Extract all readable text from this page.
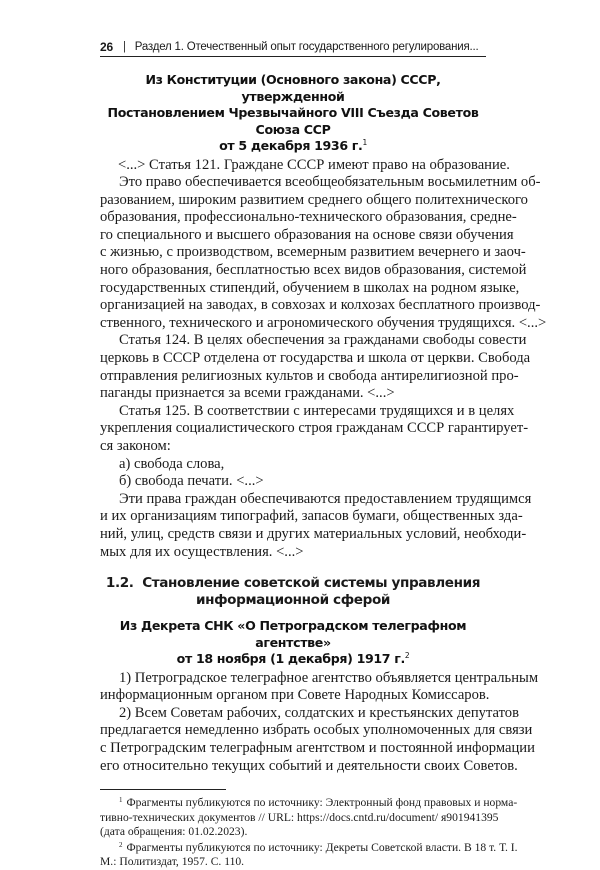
26 | Раздел 1. Отечественный опыт государственного регулирования...
Из Конституции (Основного закона) СССР, утвержденной
Постановлением Чрезвычайного VIII Съезда Советов Союза ССР
от 5 декабря 1936 г.$^1$
<...> Статья 121. Граждане СССР имеют право на образование.
Это право обеспечивается всеобщеобязательным восьмилетним об-
разованием, широким развитием среднего общего политехнического
образования, профессионально-технического образования, средне-
го специального и высшего образования на основе связи обучения
с жизнью, с производством, всемерным развитием вечернего и заоч-
ного образования, бесплатностью всех видов образования, системой
государственных стипендий, обучением в школах на родном языке,
организацией на заводах, в совхозах и колхозах бесплатного производ-
ственного, технического и агрономического обучения трудящихся. <...>
Статья 124. В целях обеспечения за гражданами свободы совести
церковь в СССР отделена от государства и школа от церкви. Свобода
отправления религиозных культов и свобода антирелигиозной про-
паганды признается за всеми гражданами. <...>
Статья 125. В соответствии с интересами трудящихся и в целях
укрепления социалистического строя гражданам СССР гарантирует-
ся законом:
а) свобода слова,
б) свобода печати. <...>
Эти права граждан обеспечиваются предоставлением трудящимся
и их организациям типографий, запасов бумаги, общественных зда-
ний, улиц, средств связи и других материальных условий, необходи-
мых для их осуществления. <...>
1.2.  Становление советской системы управления
информационной сферой
Из Декрета СНК «О Петроградском телеграфном агентстве»
от 18 ноября (1 декабря) 1917 г.$^2$
1) Петроградское телеграфное агентство объявляется центральным
информационным органом при Совете Народных Комиссаров.
2) Всем Советам рабочих, солдатских и крестьянских депутатов
предлагается немедленно избрать особых уполномоченных для связи
с Петроградским телеграфным агентством и постоянной информации
его относительно текущих событий и деятельности своих Советов.
$^1$ Фрагменты публикуются по источнику: Электронный фонд правовых и норма-
тивно-технических документов // URL: https://docs.cntd.ru/document/ я901941395
(дата обращения: 01.02.2023).
$^2$ Фрагменты публикуются по источнику: Декреты Советской власти. В 18 т. Т. I.
М.: Политиздат, 1957. С. 110.
